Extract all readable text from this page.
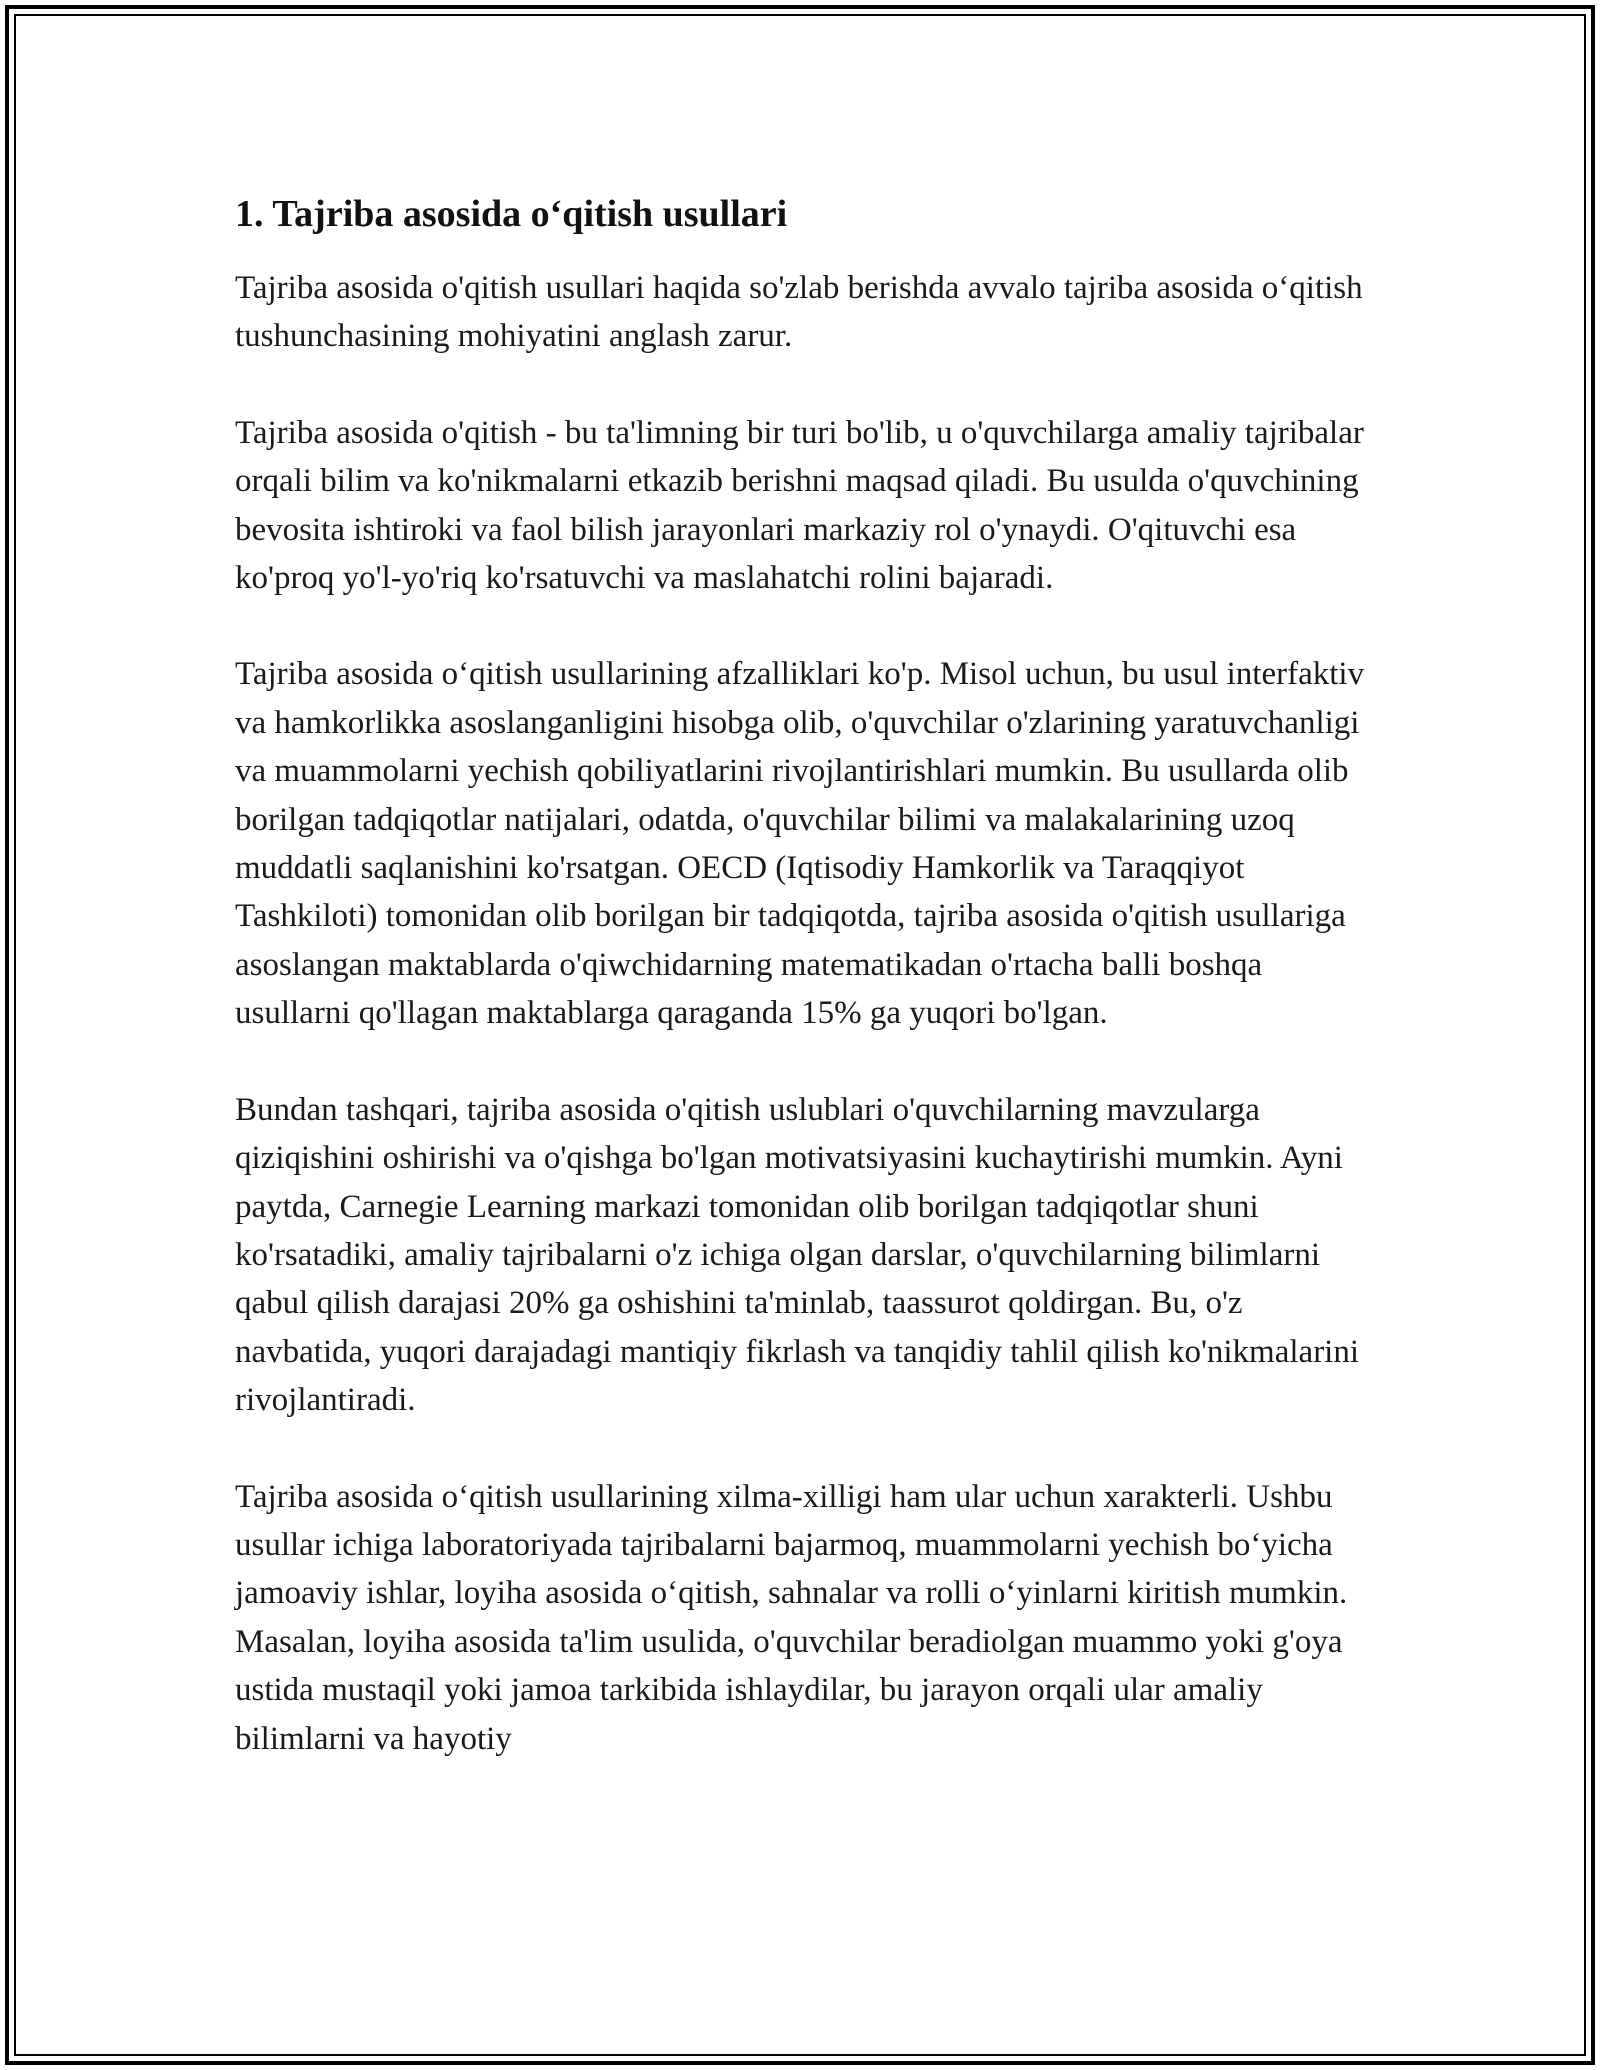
1. Tajriba asosida o‘qitish usullari

Tajriba asosida o'qitish usullari haqida so'zlab berishda avvalo tajriba asosida o‘qitish tushunchasining mohiyatini anglash zarur.

Tajriba asosida o'qitish - bu ta'limning bir turi bo'lib, u o'quvchilarga amaliy tajribalar orqali bilim va ko'nikmalarni etkazib berishni maqsad qiladi. Bu usulda o'quvchining bevosita ishtiroki va faol bilish jarayonlari markaziy rol o'ynaydi. O'qituvchi esa ko'proq yo'l-yo'riq ko'rsatuvchi va maslahatchi rolini bajaradi.

Tajriba asosida o‘qitish usullarining afzalliklari ko'p. Misol uchun, bu usul interfaktiv va hamkorlikka asoslanganligini hisobga olib, o'quvchilar o'zlarining yaratuvchanligi va muammolarni yechish qobiliyatlarini rivojlantirishlari mumkin. Bu usullarda olib borilgan tadqiqotlar natijalari, odatda, o'quvchilar bilimi va malakalarining uzoq muddatli saqlanishini ko'rsatgan. OECD (Iqtisodiy Hamkorlik va Taraqqiyot Tashkiloti) tomonidan olib borilgan bir tadqiqotda, tajriba asosida o'qitish usullariga asoslangan maktablarda o'qiwchidarning matematikadan o'rtacha balli boshqa usullarni qo'llagan maktablarga qaraganda 15% ga yuqori bo'lgan.

Bundan tashqari, tajriba asosida o'qitish uslublari o'quvchilarning mavzularga qiziqishini oshirishi va o'qishga bo'lgan motivatsiyasini kuchaytirishi mumkin. Ayni paytda, Carnegie Learning markazi tomonidan olib borilgan tadqiqotlar shuni ko'rsatadiki, amaliy tajribalarni o'z ichiga olgan darslar, o'quvchilarning bilimlarni qabul qilish darajasi 20% ga oshishini ta'minlab, taassurot qoldirgan. Bu, o'z navbatida, yuqori darajadagi mantiqiy fikrlash va tanqidiy tahlil qilish ko'nikmalarini rivojlantiradi.

Tajriba asosida o‘qitish usullarining xilma-xilligi ham ular uchun xarakterli. Ushbu usullar ichiga laboratoriyada tajribalarni bajarmoq, muammolarni yechish bo‘yicha jamoaviy ishlar, loyiha asosida o‘qitish, sahnalar va rolli o‘yinlarni kiritish mumkin. Masalan, loyiha asosida ta'lim usulida, o'quvchilar beradiolgan muammo yoki g'oya ustida mustaqil yoki jamoa tarkibida ishlaydilar, bu jarayon orqali ular amaliy bilimlarni va hayotiy
